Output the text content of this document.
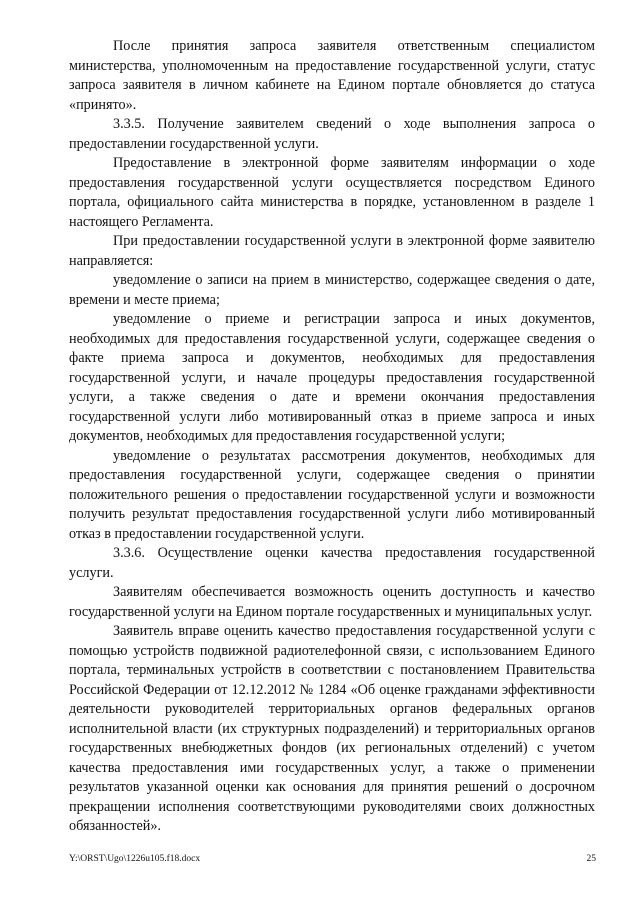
После принятия запроса заявителя ответственным специалистом министерства, уполномоченным на предоставление государственной услуги, статус запроса заявителя в личном кабинете на Едином портале обновляется до статуса «принято».

3.3.5. Получение заявителем сведений о ходе выполнения запроса о предоставлении государственной услуги.

Предоставление в электронной форме заявителям информации о ходе предоставления государственной услуги осуществляется посредством Единого портала, официального сайта министерства в порядке, установленном в разделе 1 настоящего Регламента.

При предоставлении государственной услуги в электронной форме заявителю направляется:

уведомление о записи на прием в министерство, содержащее сведения о дате, времени и месте приема;

уведомление о приеме и регистрации запроса и иных документов, необходимых для предоставления государственной услуги, содержащее сведения о факте приема запроса и документов, необходимых для предоставления государственной услуги, и начале процедуры предоставления государственной услуги, а также сведения о дате и времени окончания предоставления государственной услуги либо мотивированный отказ в приеме запроса и иных документов, необходимых для предоставления государственной услуги;

уведомление о результатах рассмотрения документов, необходимых для предоставления государственной услуги, содержащее сведения о принятии положительного решения о предоставлении государственной услуги и возможности получить результат предоставления государственной услуги либо мотивированный отказ в предоставлении государственной услуги.

3.3.6. Осуществление оценки качества предоставления государственной услуги.

Заявителям обеспечивается возможность оценить доступность и качество государственной услуги на Едином портале государственных и муниципальных услуг.

Заявитель вправе оценить качество предоставления государственной услуги с помощью устройств подвижной радиотелефонной связи, с использованием Единого портала, терминальных устройств в соответствии с постановлением Правительства Российской Федерации от 12.12.2012 № 1284 «Об оценке гражданами эффективности деятельности руководителей территориальных органов федеральных органов исполнительной власти (их структурных подразделений) и территориальных органов государственных внебюджетных фондов (их региональных отделений) с учетом качества предоставления ими государственных услуг, а также о применении результатов указанной оценки как основания для принятия решений о досрочном прекращении исполнения соответствующими руководителями своих должностных обязанностей».

Y:\ORST\Ugo\1226u105.f18.docx	25
